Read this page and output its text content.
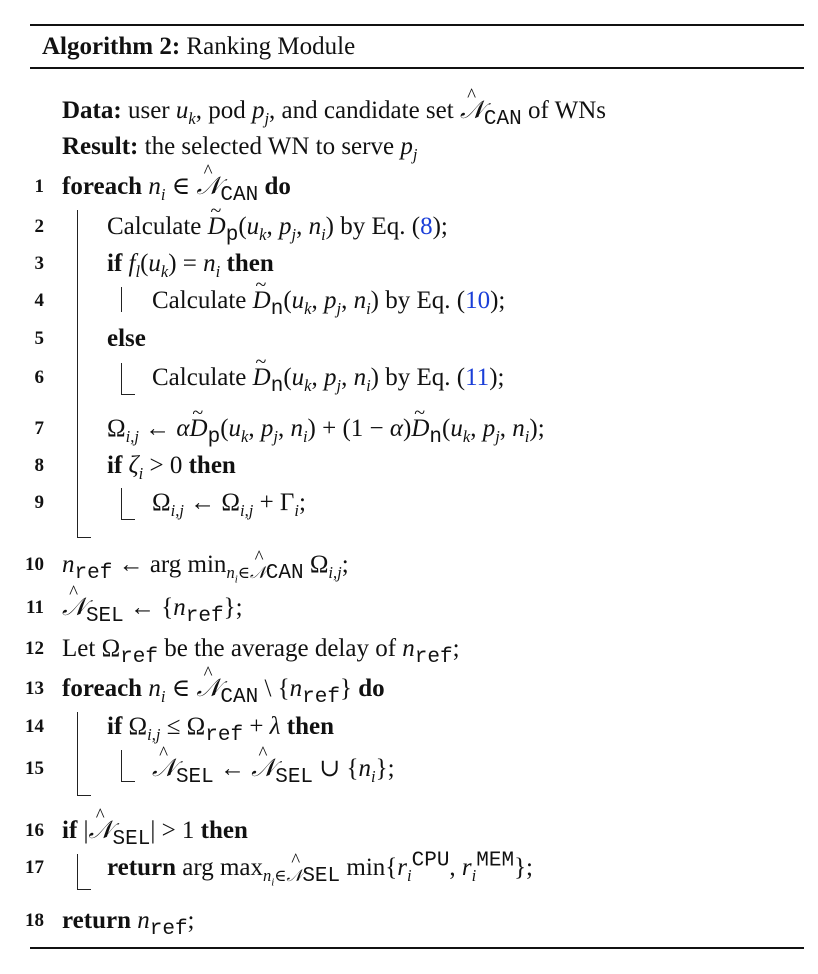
Algorithm 2: Ranking Module
Data: user $u_k$, pod $p_j$, and candidate set ^ 𝒩$_{CAN}$ of WNs
Result: the selected WN to serve $p_j$
1 foreach $n_i$ ∈ ^ 𝒩$_{CAN}$ do
2	Calculate ~ $D_p(u_k$, $p_j$, $n_i$) by Eq. (8);
3	if $f_l(u_k) = n_i$ then
4	Calculate ~ $D_n(u_k$, $p_j$, $n_i$) by Eq. (10);
5	else
6	Calculate ~ $D_n(u_k$, $p_j$, $n_i$) by Eq. (11);
7	$\Omega_{i,j}$ ← α~ $D_p(u_k$, $p_j$, $n_i) + (1$ − α)~ $D_n(u_k$, $p_j$, $n_i$);
8	if $\zeta_i > 0$ then
9	$\Omega_{i,j}$ ← $\Omega_{i,j} + \Gamma_i$;
10 $n_{ref}$ ← arg $\min_{n_i\in 𝒩CAN} \Omega_{i,j}$;
11 ^ 𝒩$_{SEL}$ ← $\{n_{ref}\}$;
12 Let $\Omega_{ref}$ be the average delay of $n_{ref}$;
13 foreach $n_i$ ∈ ^ 𝒩$_{CAN}$ \ $\{n_{ref}\}$ do
14	if $\Omega_{i,j} \le \Omega_{ref} + \lambda$ then
15	^ 𝒩$_{SEL}$ ← ^ 𝒩$_{SEL}$ ∪ $\{n_i\}$;
16 if |^ 𝒩$_{SEL}$| > 1 then
17	return arg $\max_{n_i\in 𝒩SEL} \min\{r_i^{CPU}$, $r_i^{MEM}$};
18 return $n_{ref}$;
